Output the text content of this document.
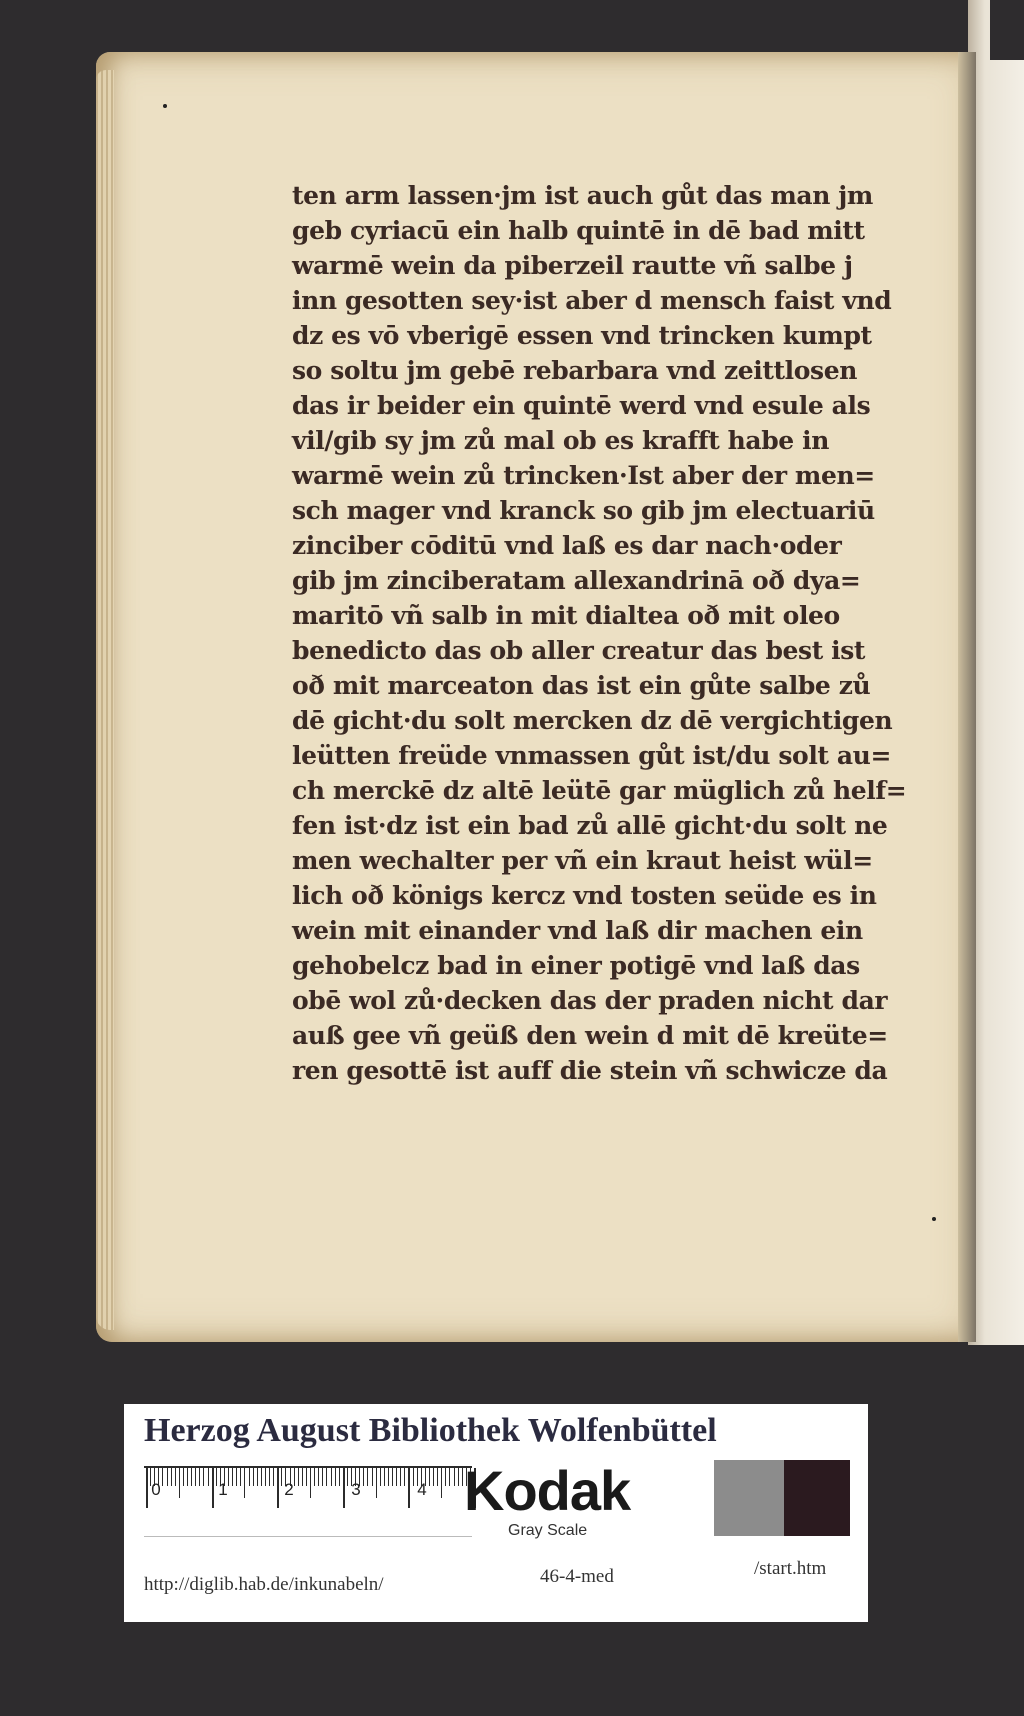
ten arm lassen·jm ist auch gůt das man jm
geb cyriacū ein halb quintē in dē bad mitt
warmē wein da piberzeil rautte vñ salbe j
inn gesotten sey·ist aber d mensch faist vnd
dz es vō vberigē essen vnd trincken kumpt
so soltu jm gebē rebarbara vnd zeittlosen
das ir beider ein quintē werd vnd esule als
vil/gib sy jm zů mal ob es krafft habe in
warmē wein zů trincken·Ist aber der men=
sch mager vnd kranck so gib jm electuariū
zinciber cōditū vnd laß es dar nach·oder
gib jm zinciberatam allexandrinā oð dya=
maritō vñ salb in mit dialtea oð mit oleo
benedicto das ob aller creatur das best ist
oð mit marceaton das ist ein gůte salbe zů
dē gicht·du solt mercken dz dē vergichtigen
leütten freüde vnmassen gůt ist/du solt au=
ch merckē dz altē leütē gar müglich zů helf=
fen ist·dz ist ein bad zů allē gicht·du solt ne
men wechalter per vñ ein kraut heist wül=
lich oð königs kercz vnd tosten seüde es in
wein mit einander vnd laß dir machen ein
gehobelcz bad in einer potigē vnd laß das
obē wol zů·decken das der praden nicht dar
auß gee vñ geüß den wein d mit dē kreüte=
ren gesottē ist auff die stein vñ schwicze da
Herzog August Bibliothek Wolfenbüttel
0	1	2	3	4 Kodak
Gray Scale
http://diglib.hab.de/inkunabeln/	46-4-med	/start.htm
